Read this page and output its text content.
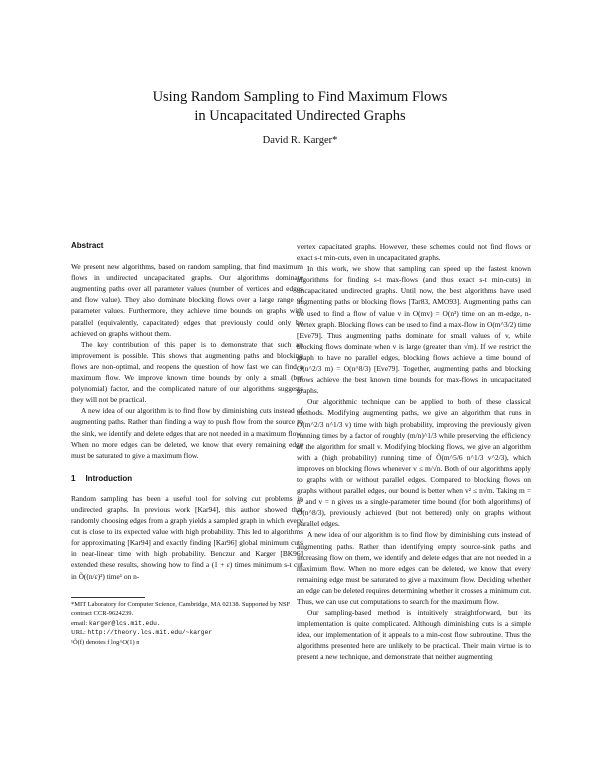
Using Random Sampling to Find Maximum Flows
in Uncapacitated Undirected Graphs
David R. Karger*
Abstract

We present new algorithms, based on random sampling, that find maximum flows in undirected uncapacitated graphs. Our algorithms dominate augmenting paths over all parameter values (number of vertices and edges and flow value). They also dominate blocking flows over a large range of parameter values. Furthermore, they achieve time bounds on graphs with parallel (equivalently, capacitated) edges that previously could only be achieved on graphs without them.

The key contribution of this paper is to demonstrate that such an improvement is possible. This shows that augmenting paths and blocking flows are non-optimal, and reopens the question of how fast we can find a maximum flow. We improve known time bounds by only a small (but polynomial) factor, and the complicated nature of our algorithms suggests they will not be practical.

A new idea of our algorithm is to find flow by diminishing cuts instead of augmenting paths. Rather than finding a way to push flow from the source to the sink, we identify and delete edges that are not needed in a maximum flow. When no more edges can be deleted, we know that every remaining edge must be saturated to give a maximum flow.

1 Introduction

Random sampling has been a useful tool for solving cut problems in undirected graphs. In previous work [Kar94], this author showed that randomly choosing edges from a graph yields a sampled graph in which every cut is close to its expected value with high probability. This led to algorithms for approximating [Kar94] and exactly finding [Kar96] global minimum cuts in near-linear time with high probability. Benczur and Karger [BK96] extended these results, showing how to find a (1 + ε) times minimum s-t cut in Õ((n/ε)²) time¹ on n-

*MIT Laboratory for Computer Science, Cambridge, MA 02138. Supported by NSF contract CCR-9624239.

email: karger@lcs.mit.edu.

URL: http://theory.lcs.mit.edu/~karger

¹Õ(f) denotes f log^O(1) n

vertex capacitated graphs. However, these schemes could not find flows or exact s-t min-cuts, even in uncapacitated graphs.

In this work, we show that sampling can speed up the fastest known algorithms for finding s-t max-flows (and thus exact s-t min-cuts) in uncapacitated undirected graphs. Until now, the best algorithms have used augmenting paths or blocking flows [Tar83, AMO93]. Augmenting paths can be used to find a flow of value v in O(mv) = O(n³) time on an m-edge, n-vertex graph. Blocking flows can be used to find a max-flow in O(m^3/2) time [Eve79]. Thus augmenting paths dominate for small values of v, while blocking flows dominate when v is large (greater than √m). If we restrict the graph to have no parallel edges, blocking flows achieve a time bound of O(n^2/3 m) = O(n^8/3) [Eve79]. Together, augmenting paths and blocking flows achieve the best known time bounds for max-flows in uncapacitated graphs.

Our algorithmic technique can be applied to both of these classical methods. Modifying augmenting paths, we give an algorithm that runs in Õ(m^2/3 n^1/3 v) time with high probability, improving the previously given running times by a factor of roughly (m/n)^1/3 while preserving the efficiency of the algorithm for small v. Modifying blocking flows, we give an algorithm with a (high probability) running time of Õ(m^5/6 n^1/3 v^2/3), which improves on blocking flows whenever v ≤ m/√n. Both of our algorithms apply to graphs with or without parallel edges. Compared to blocking flows on graphs without parallel edges, our bound is better when v² ≤ n√m. Taking m = n² and v = n gives us a single-parameter time bound (for both algorithms) of Õ(n^8/3), previously achieved (but not bettered) only on graphs without parallel edges.

A new idea of our algorithm is to find flow by diminishing cuts instead of augmenting paths. Rather than identifying empty source-sink paths and increasing flow on them, we identify and delete edges that are not needed in a maximum flow. When no more edges can be deleted, we know that every remaining edge must be saturated to give a maximum flow. Deciding whether an edge can be deleted requires determining whether it crosses a minimum cut. Thus, we can use cut computations to search for the maximum flow.

Our sampling-based method is intuitively straightforward, but its implementation is quite complicated. Although diminishing cuts is a simple idea, our implementation of it appeals to a min-cost flow subroutine. Thus the algorithms presented here are unlikely to be practical. Their main virtue is to present a new technique, and demonstrate that neither augmenting
